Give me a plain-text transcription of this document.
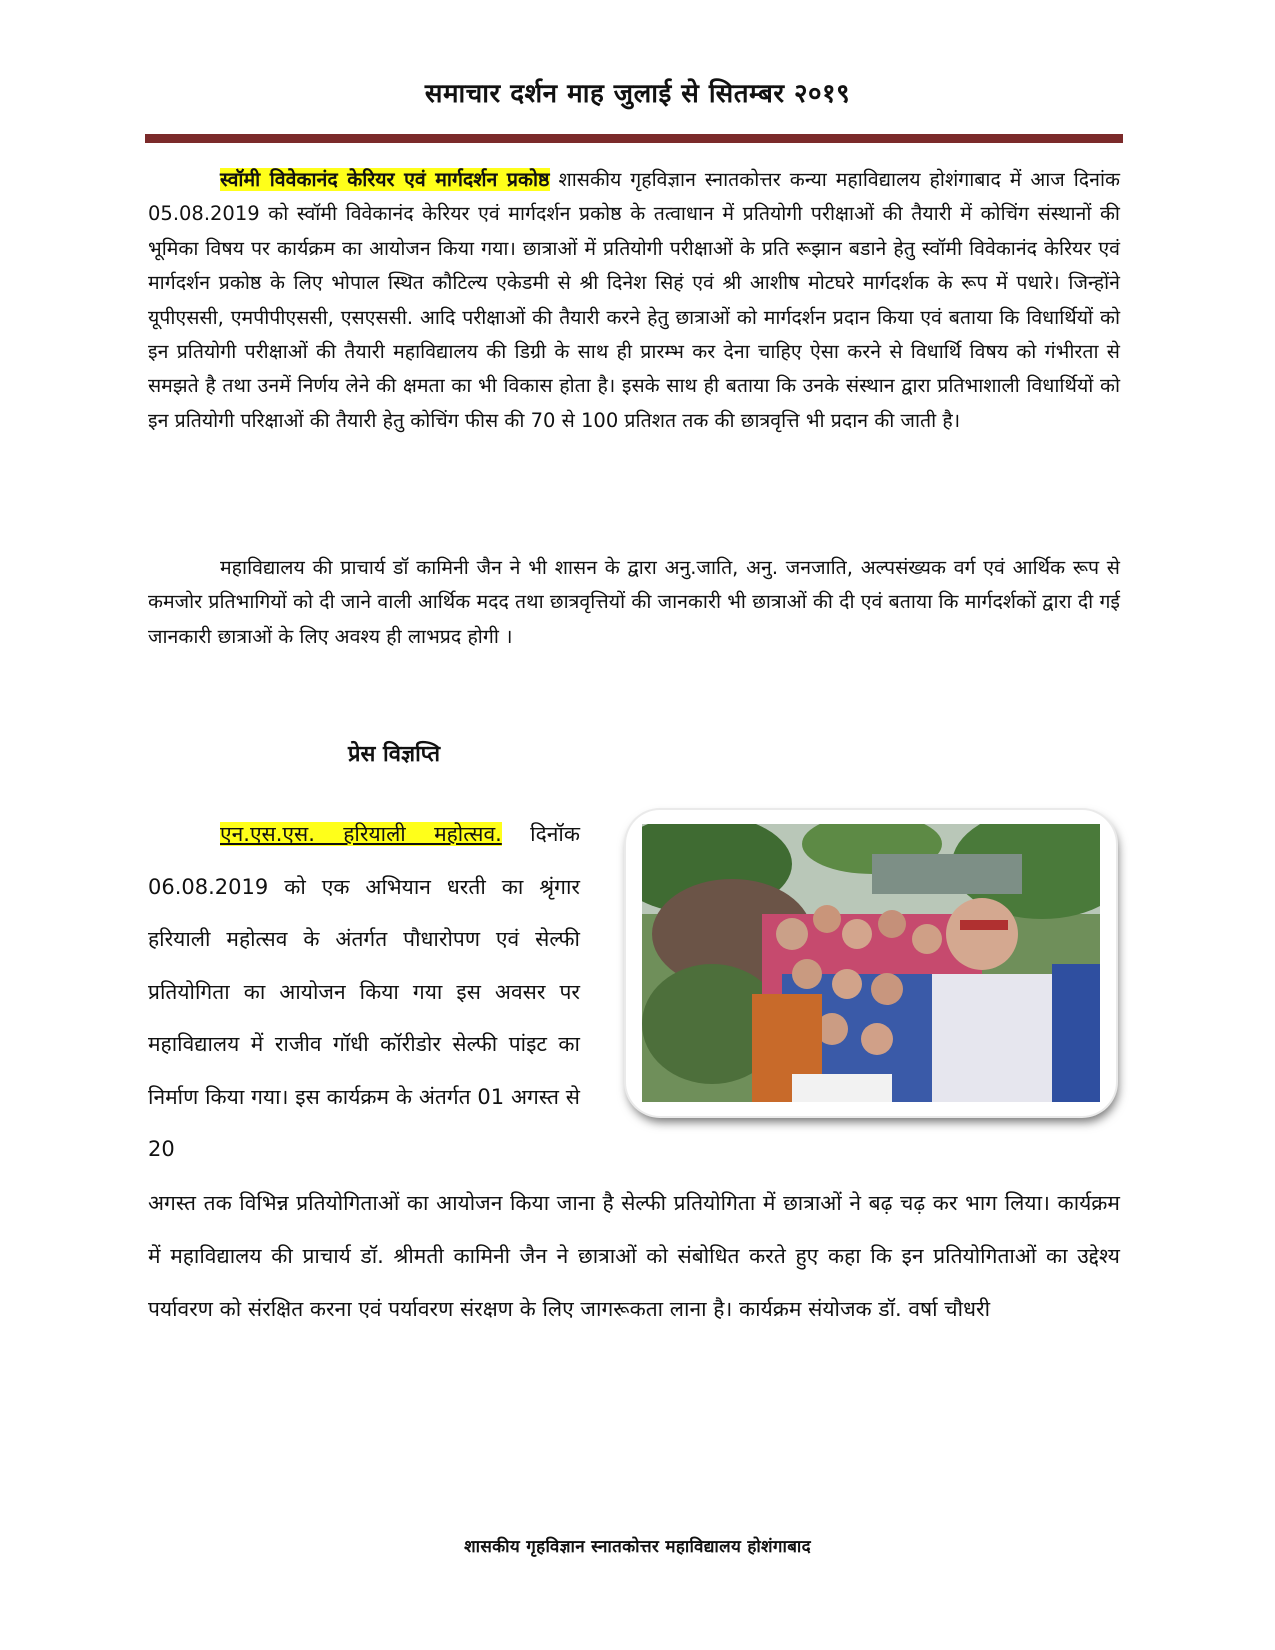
समाचार दर्शन माह जुलाई से सितम्बर २०१९

स्वॉमी विवेकानंद केरियर एवं मार्गदर्शन प्रकोष्ठ शासकीय गृहविज्ञान स्नातकोत्तर कन्या महाविद्यालय होशंगाबाद में आज दिनांक 05.08.2019 को स्वॉमी विवेकानंद केरियर एवं मार्गदर्शन प्रकोष्ठ के तत्वाधान में प्रतियोगी परीक्षाओं की तैयारी में कोचिंग संस्थानों की भूमिका विषय पर कार्यक्रम का आयोजन किया गया। छात्राओं में प्रतियोगी परीक्षाओं के प्रति रूझान बडाने हेतु स्वॉमी विवेकानंद केरियर एवं मार्गदर्शन प्रकोष्ठ के लिए भोपाल स्थित कौटिल्य एकेडमी से श्री दिनेश सिहं एवं श्री आशीष मोटघरे मार्गदर्शक के रूप में पधारे। जिन्होंने यूपीएससी, एमपीपीएससी, एसएससी. आदि परीक्षाओं की तैयारी करने हेतु छात्राओं को मार्गदर्शन प्रदान किया एवं बताया कि विधार्थियों को इन प्रतियोगी परीक्षाओं की तैयारी महाविद्यालय की डिग्री के साथ ही प्रारम्भ कर देना चाहिए ऐसा करने से विधार्थि विषय को गंभीरता से समझते है तथा उनमें निर्णय लेने की क्षमता का भी विकास होता है। इसके साथ ही बताया कि उनके संस्थान द्वारा प्रतिभाशाली विधार्थियों को इन प्रतियोगी परिक्षाओं की तैयारी हेतु कोचिंग फीस की 70 से 100 प्रतिशत तक की छात्रवृत्ति भी प्रदान की जाती है।

महाविद्यालय की प्राचार्य डॉ कामिनी जैन ने भी शासन के द्वारा अनु.जाति, अनु. जनजाति, अल्पसंख्यक वर्ग एवं आर्थिक रूप से कमजोर प्रतिभागियों को दी जाने वाली आर्थिक मदद तथा छात्रवृत्तियों की जानकारी भी छात्राओं की दी एवं बताया कि मार्गदर्शकों द्वारा दी गई जानकारी छात्राओं के लिए अवश्य ही लाभप्रद होगी ।

प्रेस विज्ञप्ति

एन.एस.एस. हरियाली महोत्सव. दिनॉक 06.08.2019 को एक अभियान धरती का श्रृंगार हरियाली महोत्सव के अंतर्गत पौधारोपण एवं सेल्फी प्रतियोगिता का आयोजन किया गया इस अवसर पर महाविद्यालय में राजीव गॉधी कॉरीडोर सेल्फी पांइट का निर्माण किया गया। इस कार्यक्रम के अंतर्गत 01 अगस्त से 20

अगस्त तक विभिन्न प्रतियोगिताओं का आयोजन किया जाना है सेल्फी प्रतियोगिता में छात्राओं ने बढ़ चढ़ कर भाग लिया। कार्यक्रम में महाविद्यालय की प्राचार्य डॉ. श्रीमती कामिनी जैन ने छात्राओं को संबोधित करते हुए कहा कि इन प्रतियोगिताओं का उद्देश्य पर्यावरण को संरक्षित करना एवं पर्यावरण संरक्षण के लिए जागरूकता लाना है। कार्यक्रम संयोजक डॉ. वर्षा चौधरी

शासकीय गृहविज्ञान स्नातकोत्तर महाविद्यालय होशंगाबाद
